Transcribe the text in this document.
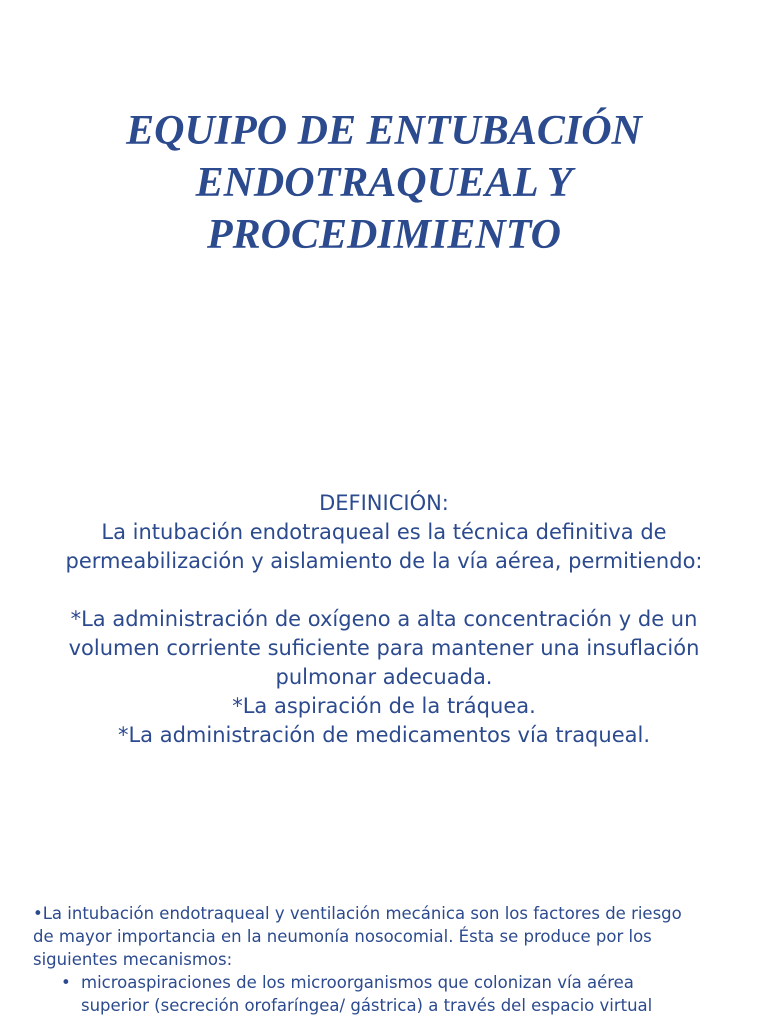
EQUIPO DE ENTUBACIÓN
ENDOTRAQUEAL Y
PROCEDIMIENTO
DEFINICIÓN:
La intubación endotraqueal es la técnica definitiva de
permeabilización y aislamiento de la vía aérea, permitiendo:
*La administración de oxígeno a alta concentración y de un
volumen corriente suficiente para mantener una insuflación
pulmonar adecuada.
*La aspiración de la tráquea.
*La administración de medicamentos vía traqueal.
•La intubación endotraqueal y ventilación mecánica son los factores de riesgo
de mayor importancia en la neumonía nosocomial. Ésta se produce por los
siguientes mecanismos:
• microaspiraciones de los microorganismos que colonizan vía aérea
superior (secreción orofaríngea/ gástrica) a través del espacio virtual
